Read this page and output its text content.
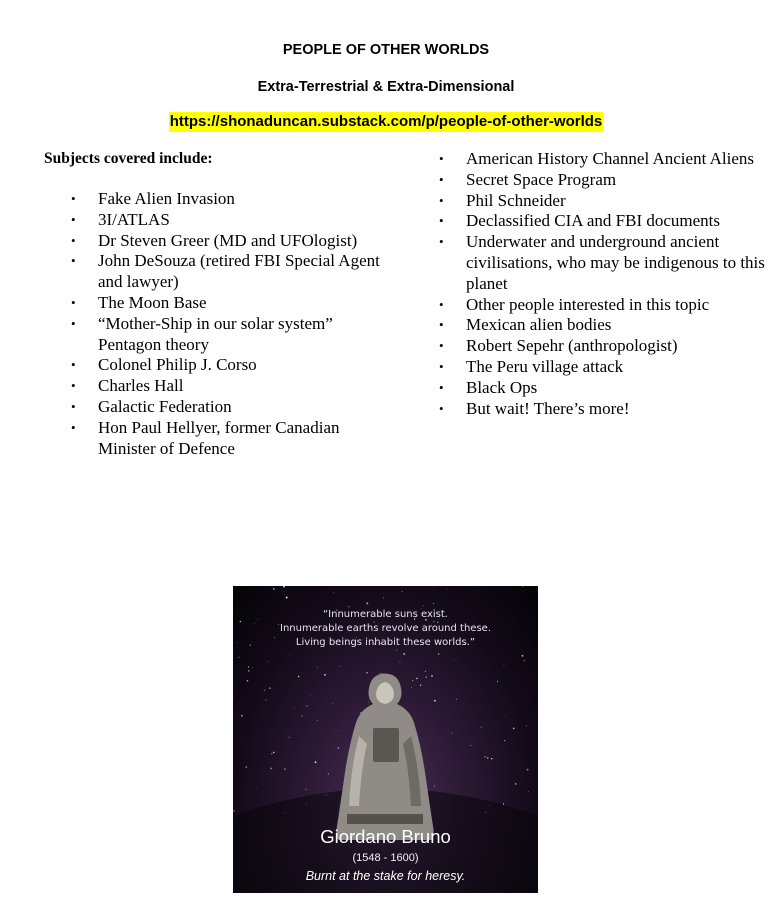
PEOPLE OF OTHER WORLDS
Extra-Terrestrial & Extra-Dimensional
https://shonaduncan.substack.com/p/people-of-other-worlds
Subjects covered include:
• Fake Alien Invasion
• 3I/ATLAS
• Dr Steven Greer (MD and UFOlogist)
• John DeSouza (retired FBI Special Agent and lawyer)
• The Moon Base
• “Mother-Ship in our solar system” Pentagon theory
• Colonel Philip J. Corso
• Charles Hall
• Galactic Federation
• Hon Paul Hellyer, former Canadian Minister of Defence
• American History Channel Ancient Aliens
• Secret Space Program
• Phil Schneider
• Declassified CIA and FBI documents
• Underwater and underground ancient civilisations, who may be indigenous to this planet
• Other people interested in this topic
• Mexican alien bodies
• Robert Sepehr (anthropologist)
• The Peru village attack
• Black Ops
• But wait! There’s more!
“Innumerable suns exist.
Innumerable earths revolve around these.
Living beings inhabit these worlds.”
Giordano Bruno
(1548 - 1600)
Burnt at the stake for heresy.
